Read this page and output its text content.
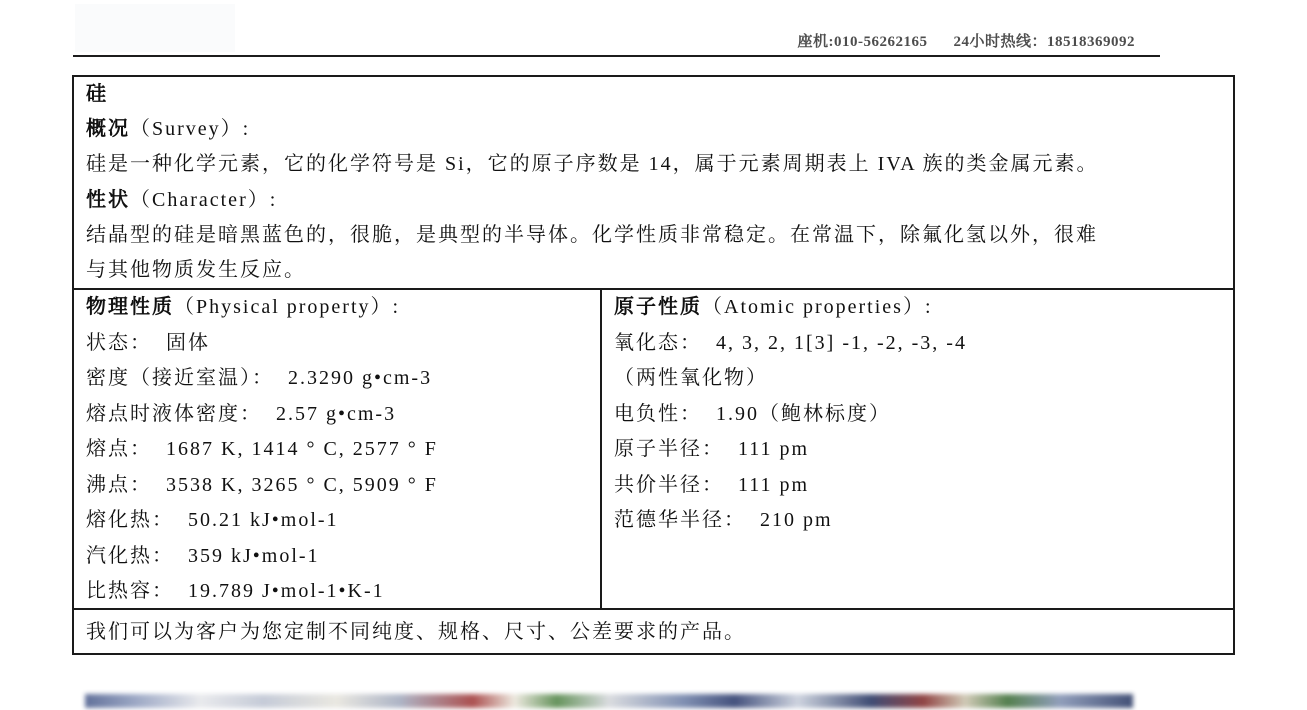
座机:010-56262165 24小时热线：18518369092
硅
概况（Survey）:

硅是一种化学元素，它的化学符号是 Si，它的原子序数是 14，属于元素周期表上 IVA 族的类金属元素。

性状（Character）:

结晶型的硅是暗黑蓝色的，很脆，是典型的半导体。化学性质非常稳定。在常温下，除氟化氢以外，很难与其他物质发生反应。

物理性质（Physical property）:
状态： 固体
密度（接近室温）： 2.3290 g•cm-3
熔点时液体密度： 2.57 g•cm-3
熔点： 1687 K, 1414 ° C, 2577 ° F
沸点： 3538 K, 3265 ° C, 5909 ° F
熔化热： 50.21 kJ•mol-1
汽化热： 359 kJ•mol-1
比热容： 19.789 J•mol-1•K-1
原子性质（Atomic properties）:
氧化态： 4, 3, 2, 1[3] -1, -2, -3, -4
（两性氧化物）
电负性： 1.90（鲍林标度）
原子半径： 111 pm
共价半径： 111 pm
范德华半径： 210 pm
我们可以为客户为您定制不同纯度、规格、尺寸、公差要求的产品。
